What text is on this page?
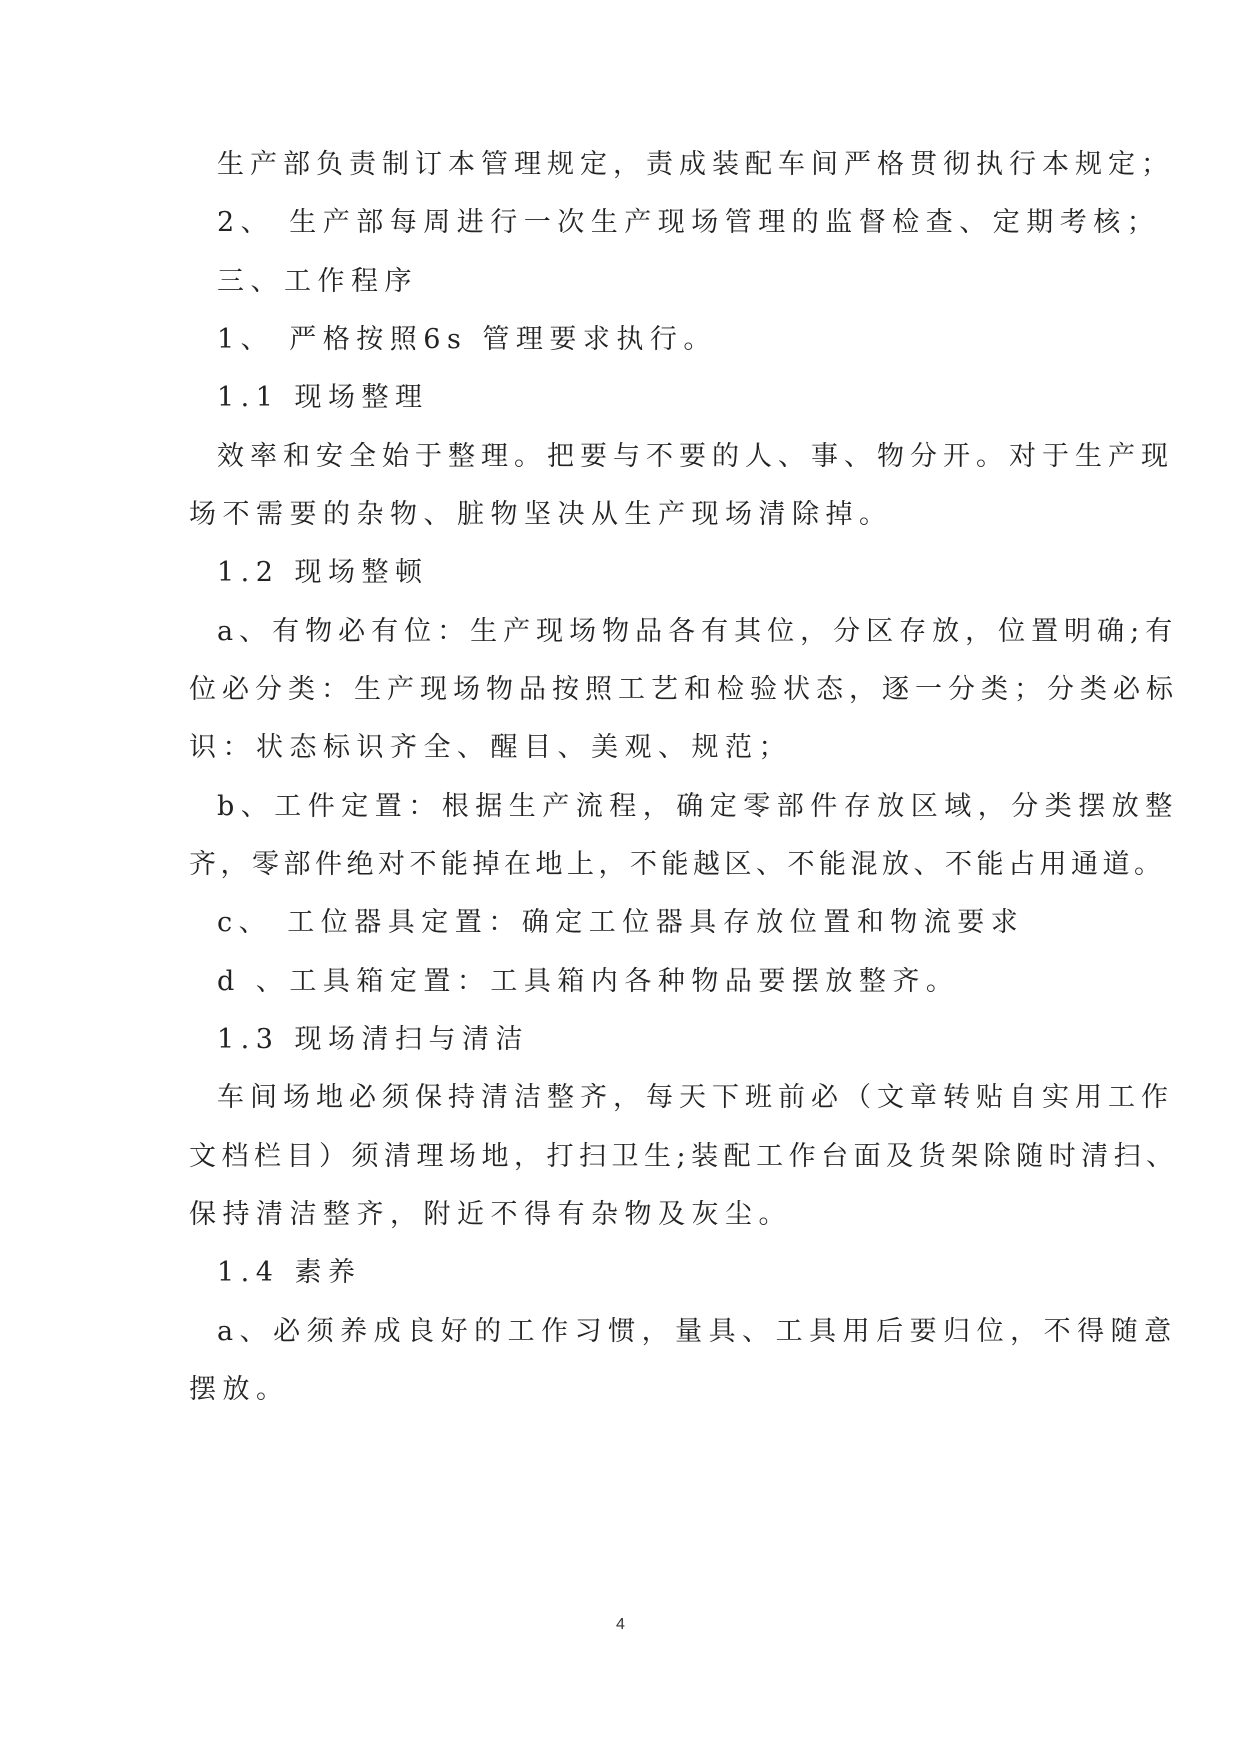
生产部负责制订本管理规定，责成装配车间严格贯彻执行本规定；

2、 生产部每周进行一次生产现场管理的监督检查、定期考核；

三、工作程序

1、 严格按照6s 管理要求执行。

1.1 现场整理

效率和安全始于整理。把要与不要的人、事、物分开。对于生产现

场不需要的杂物、脏物坚决从生产现场清除掉。

1.2 现场整顿

a、有物必有位：生产现场物品各有其位，分区存放，位置明确;有

位必分类：生产现场物品按照工艺和检验状态，逐一分类；分类必标

识：状态标识齐全、醒目、美观、规范；

b、工件定置：根据生产流程，确定零部件存放区域，分类摆放整

齐，零部件绝对不能掉在地上，不能越区、不能混放、不能占用通道。

c、 工位器具定置：确定工位器具存放位置和物流要求

d 、工具箱定置：工具箱内各种物品要摆放整齐。

1.3 现场清扫与清洁

车间场地必须保持清洁整齐，每天下班前必（文章转贴自实用工作

文档栏目）须清理场地，打扫卫生;装配工作台面及货架除随时清扫、

保持清洁整齐，附近不得有杂物及灰尘。

1.4 素养

a、必须养成良好的工作习惯，量具、工具用后要归位，不得随意

摆放。

4
